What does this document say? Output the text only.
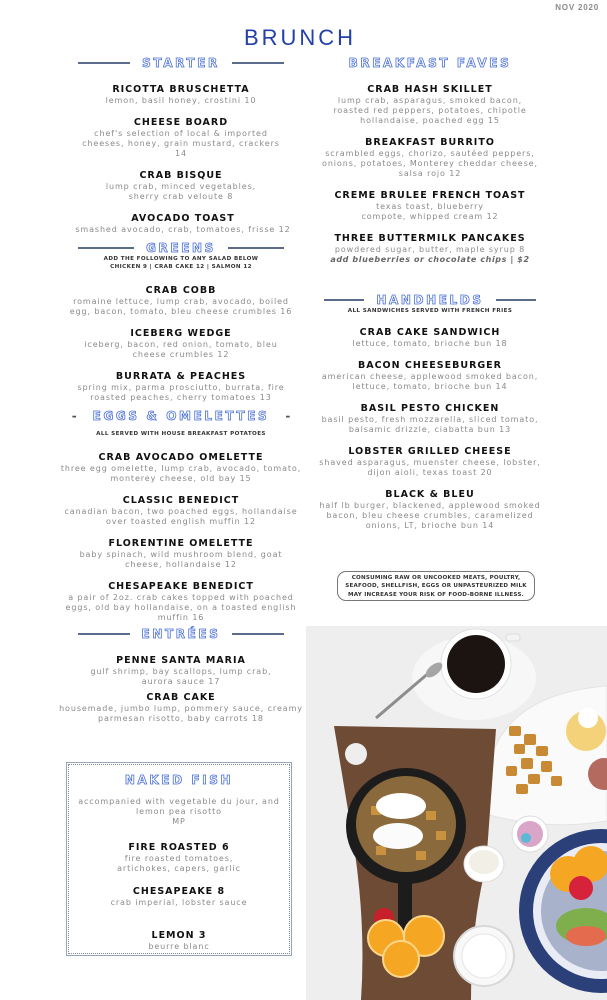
NOV 2020
BRUNCH
STARTER
RICOTTA BRUSCHETTA
lemon, basil honey, crostini 10
CHEESE BOARD
chef's selection of local & imported cheeses, honey, grain mustard, crackers 14
CRAB BISQUE
lump crab, minced vegetables, sherry crab veloute 8
AVOCADO TOAST
smashed avocado, crab, tomatoes, frisse 12
GREENS
ADD THE FOLLOWING TO ANY SALAD BELOW
CHICKEN 9 | CRAB CAKE 12 | SALMON 12
CRAB COBB
romaine lettuce, lump crab, avocado, boiled egg, bacon, tomato, bleu cheese crumbles 16
ICEBERG WEDGE
iceberg, bacon, red onion, tomato, bleu cheese crumbles 12
BURRATA & PEACHES
spring mix, parma prosciutto, burrata, fire roasted peaches, cherry tomatoes 13
- EGGS & OMELETTES -
ALL SERVED WITH HOUSE BREAKFAST POTATOES
CRAB AVOCADO OMELETTE
three egg omelette, lump crab, avocado, tomato, monterey cheese, old bay 15
CLASSIC BENEDICT
canadian bacon, two poached eggs, hollandaise over toasted english muffin 12
FLORENTINE OMELETTE
baby spinach, wild mushroom blend, goat cheese, hollandaise 12
CHESAPEAKE BENEDICT
a pair of 2oz. crab cakes topped with poached eggs, old bay hollandaise, on a toasted english muffin 16
ENTRÉES
PENNE SANTA MARIA
gulf shrimp, bay scallops, lump crab, aurora sauce 17
CRAB CAKE
housemade, jumbo lump, pommery sauce, creamy parmesan risotto, baby carrots 18
NAKED FISH
accompanied with vegetable du jour, and lemon pea risotto
MP
FIRE ROASTED 6
fire roasted tomatoes, artichokes, capers, garlic
CHESAPEAKE 8
crab imperial, lobster sauce
LEMON 3
beurre blanc
BREAKFAST FAVES
CRAB HASH SKILLET
lump crab, asparagus, smoked bacon, roasted red peppers, potatoes, chipotle hollandaise, poached egg 15
BREAKFAST BURRITO
scrambled eggs, chorizo, sautéed peppers, onions, potatoes, Monterey cheddar cheese, salsa rojo 12
CREME BRULEE FRENCH TOAST
texas toast, blueberry compote, whipped cream 12
THREE BUTTERMILK PANCAKES
powdered sugar, butter, maple syrup 8
add blueberries or chocolate chips | $2
HANDHELDS
ALL SANDWICHES SERVED WITH FRENCH FRIES
CRAB CAKE SANDWICH
lettuce, tomato, brioche bun 18
BACON CHEESEBURGER
american cheese, applewood smoked bacon, lettuce, tomato, brioche bun 14
BASIL PESTO CHICKEN
basil pesto, fresh mozzarella, sliced tomato, balsamic drizzle, ciabatta bun 13
LOBSTER GRILLED CHEESE
shaved asparagus, muenster cheese, lobster, dijon aioli, texas toast 20
BLACK & BLEU
half lb burger, blackened, applewood smoked bacon, bleu cheese crumbles, caramelized onions, LT, brioche bun 14
CONSUMING RAW OR UNCOOKED MEATS, POULTRY,
SEAFOOD, SHELLFISH, EGGS OR UNPASTEURIZED MILK
MAY INCREASE YOUR RISK OF FOOD-BORNE ILLNESS.
